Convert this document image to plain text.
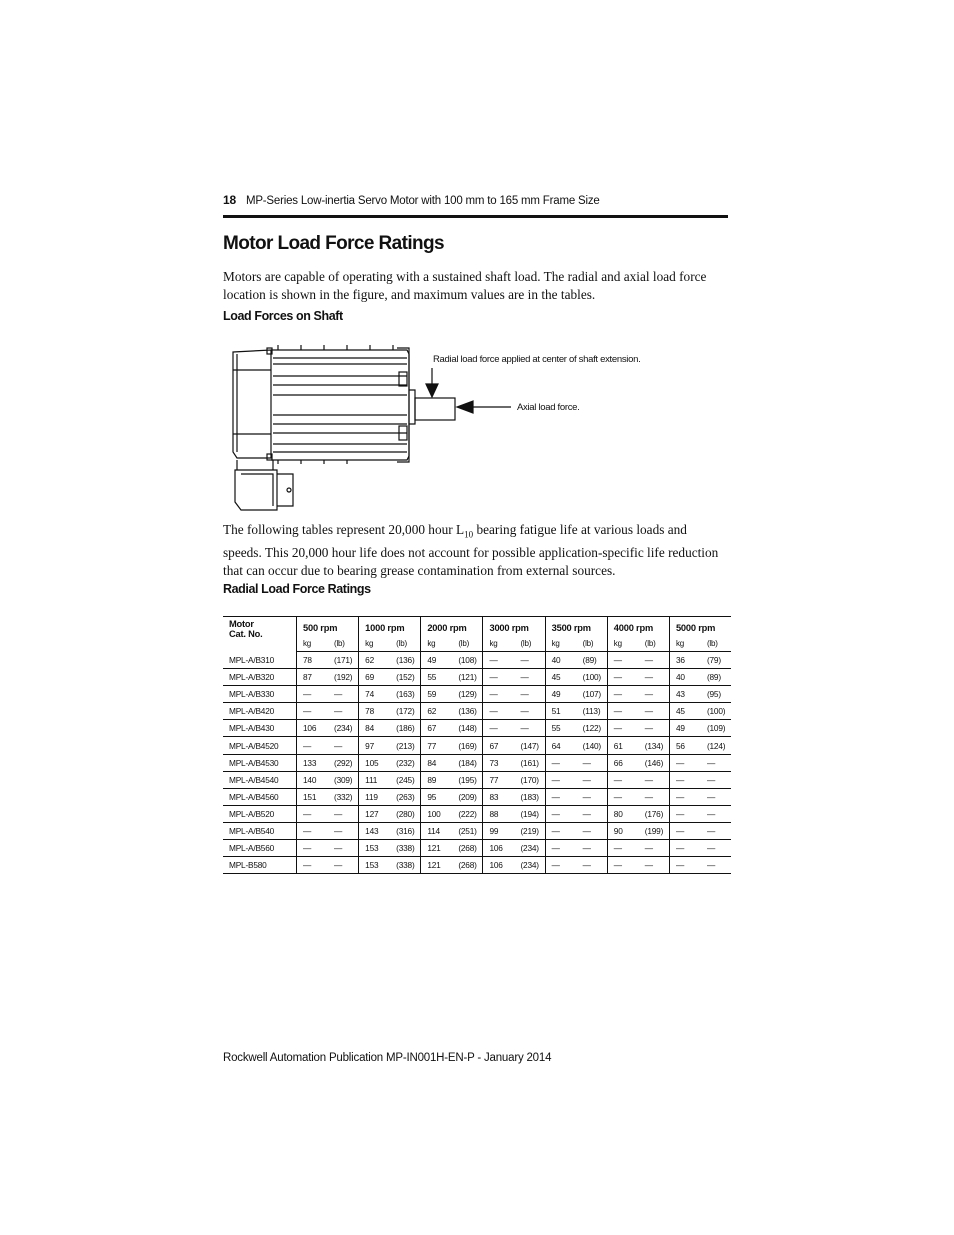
18 MP-Series Low-inertia Servo Motor with 100 mm to 165 mm Frame Size
Motor Load Force Ratings

Motors are capable of operating with a sustained shaft load. The radial and axial load force location is shown in the figure, and maximum values are in the tables.

Load Forces on Shaft
Radial load force applied at center of shaft extension.
Axial load force.

The following tables represent 20,000 hour $L_{10}$ bearing fatigue life at various loads and speeds. This 20,000 hour life does not account for possible application-specific life reduction that can occur due to bearing grease contamination from external sources.

Radial Load Force Ratings
Motor
Cat. No.	500 rpm		1000 rpm		2000 rpm		3000 rpm		3500 rpm		4000 rpm		5000 rpm	
	kg	(lb)	kg	(lb)	kg	(lb)	kg	(lb)	kg	(lb)	kg	(lb)	kg	(lb)
MPL-A/B310	78	(171)	62	(136)	49	(108)	—	—	40	(89)	—	—	36	(79)
MPL-A/B320	87	(192)	69	(152)	55	(121)	—	—	45	(100)	—	—	40	(89)
MPL-A/B330	—	—	74	(163)	59	(129)	—	—	49	(107)	—	—	43	(95)
MPL-A/B420	—	—	78	(172)	62	(136)	—	—	51	(113)	—	—	45	(100)
MPL-A/B430	106	(234)	84	(186)	67	(148)	—	—	55	(122)	—	—	49	(109)
MPL-A/B4520	—	—	97	(213)	77	(169)	67	(147)	64	(140)	61	(134)	56	(124)
MPL-A/B4530	133	(292)	105	(232)	84	(184)	73	(161)	—	—	66	(146)	—	—
MPL-A/B4540	140	(309)	111	(245)	89	(195)	77	(170)	—	—	—	—	—	—
MPL-A/B4560	151	(332)	119	(263)	95	(209)	83	(183)	—	—	—	—	—	—
MPL-A/B520	—	—	127	(280)	100	(222)	88	(194)	—	—	80	(176)	—	—
MPL-A/B540	—	—	143	(316)	114	(251)	99	(219)	—	—	90	(199)	—	—
MPL-A/B560	—	—	153	(338)	121	(268)	106	(234)	—	—	—	—	—	—
MPL-B580	—	—	153	(338)	121	(268)	106	(234)	—	—	—	—	—	—
Rockwell Automation Publication MP-IN001H-EN-P - January 2014
